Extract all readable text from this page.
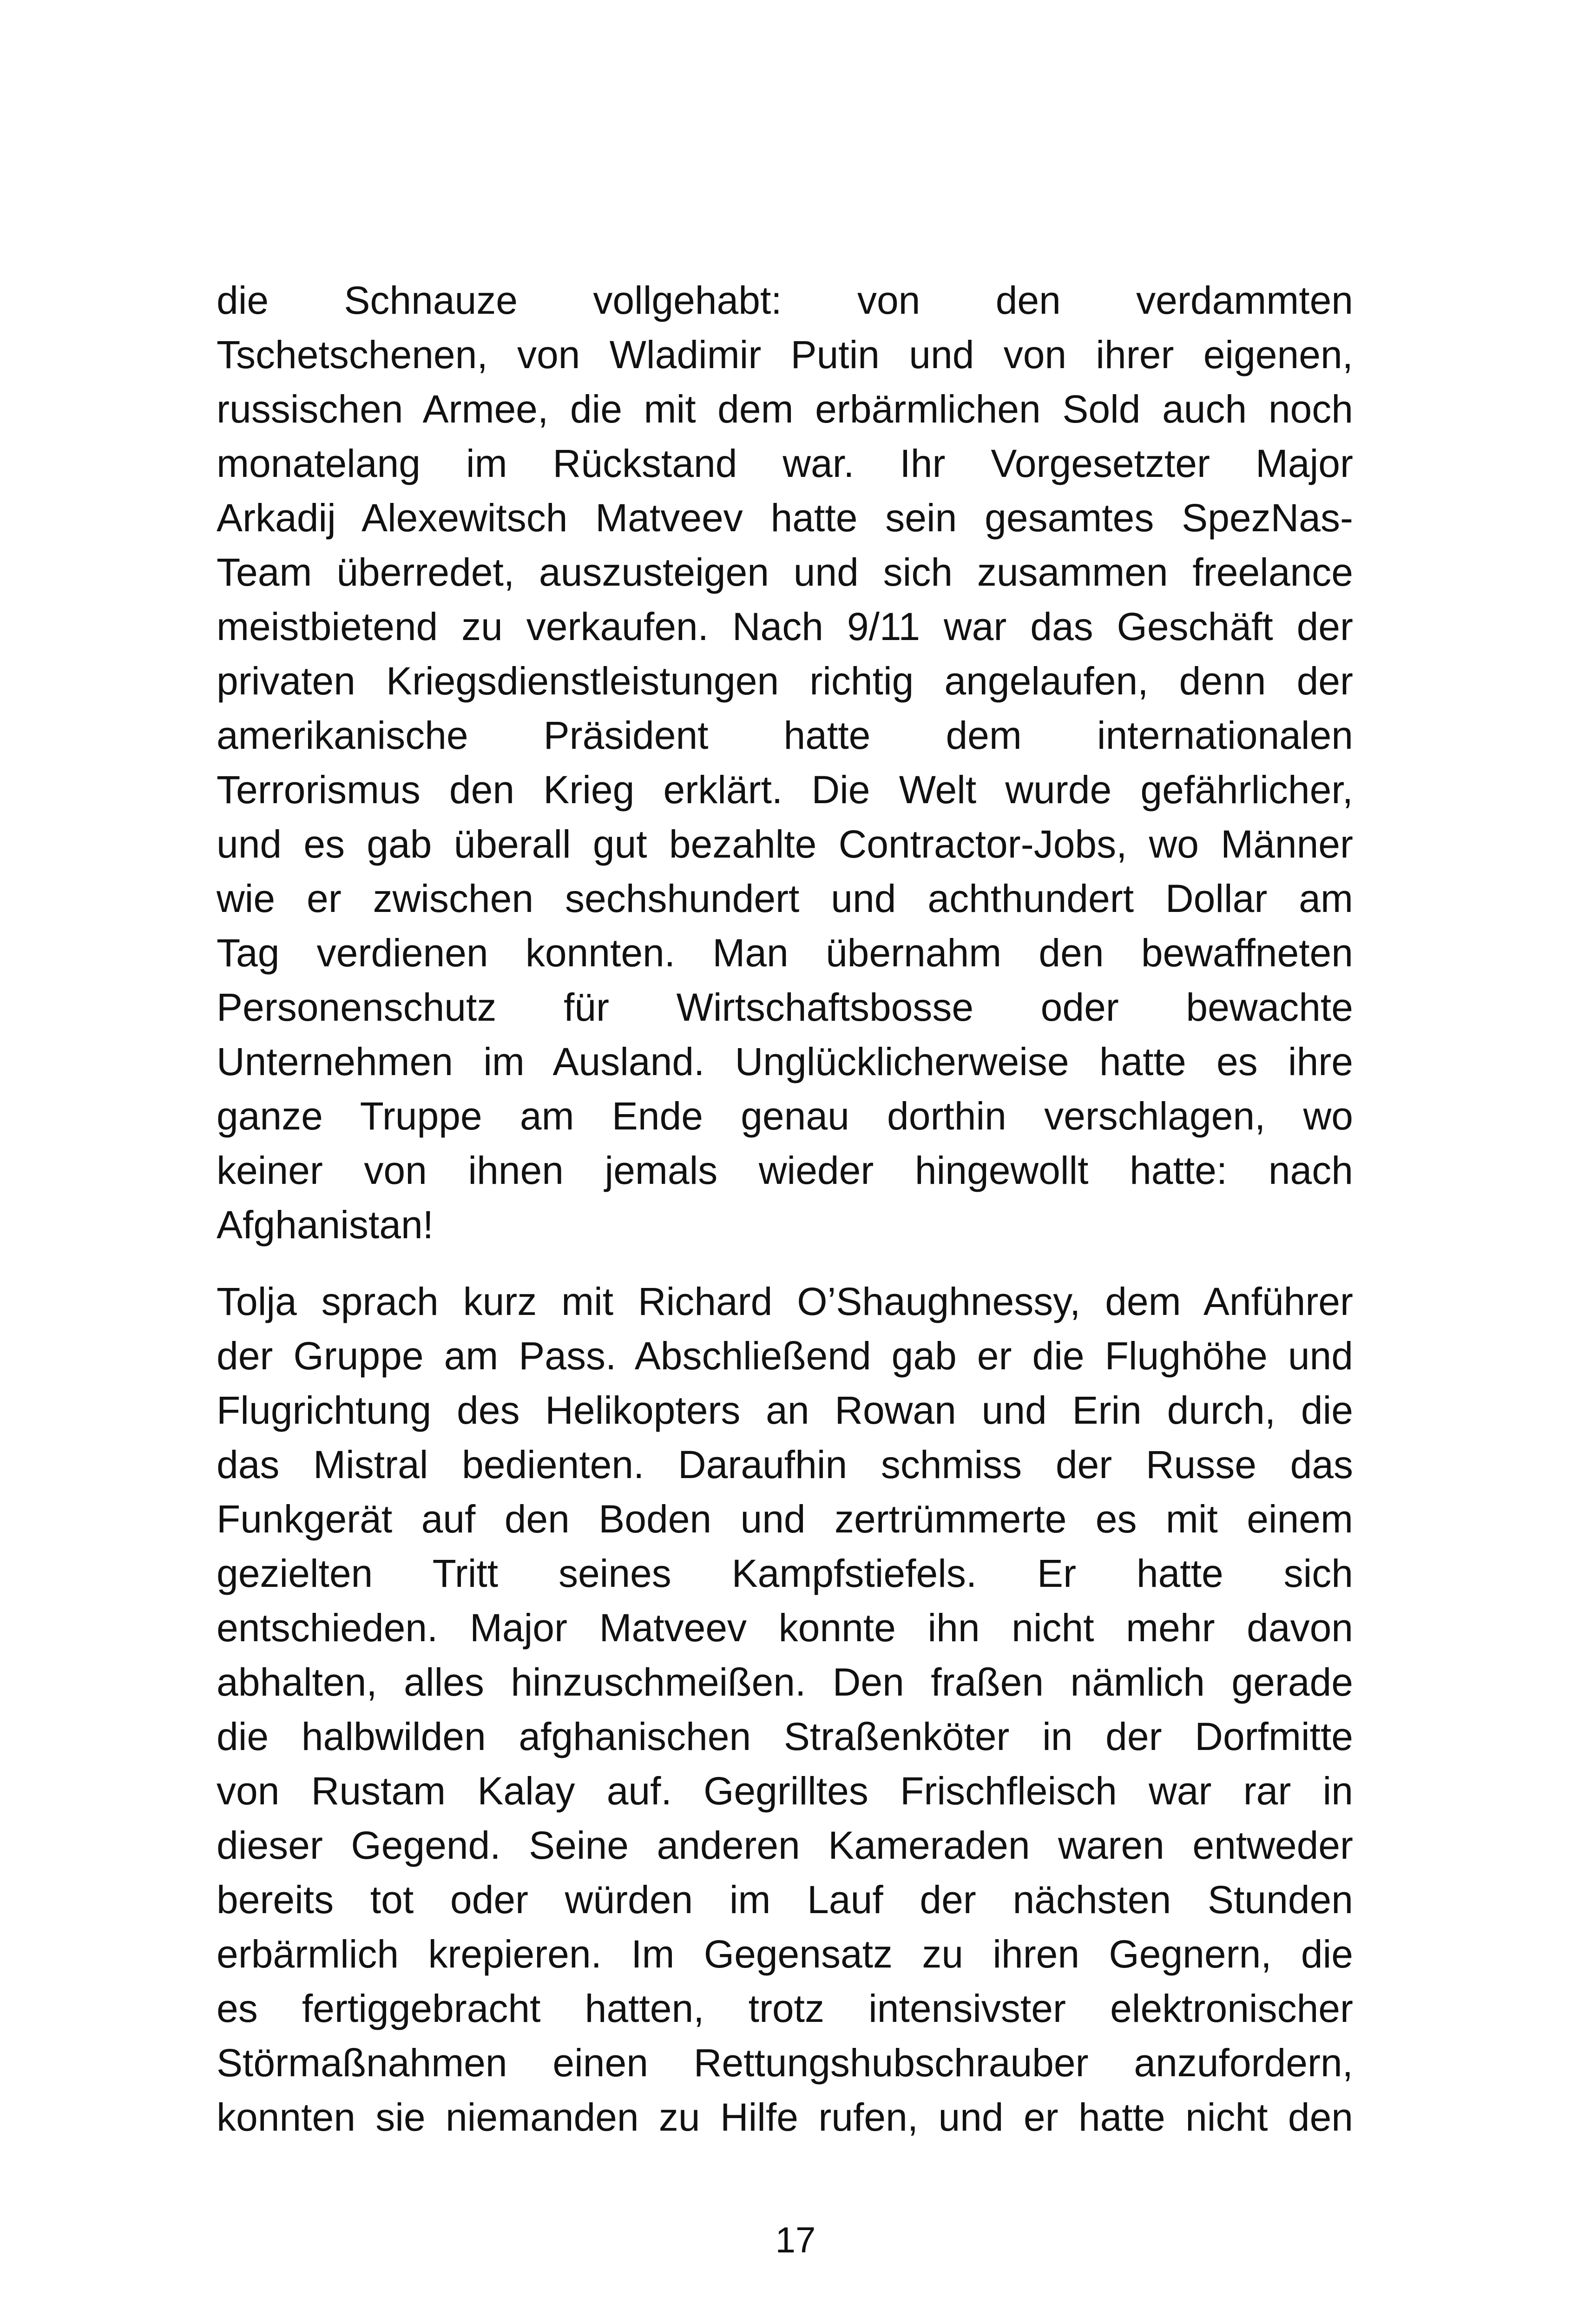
die Schnauze vollgehabt: von den verdammten
Tschetschenen, von Wladimir Putin und von ihrer eigenen,
russischen Armee, die mit dem erbärmlichen Sold auch noch
monatelang im Rückstand war. Ihr Vorgesetzter Major
Arkadij Alexewitsch Matveev hatte sein gesamtes SpezNas-
Team überredet, auszusteigen und sich zusammen freelance
meistbietend zu verkaufen. Nach 9/11 war das Geschäft der
privaten Kriegsdienstleistungen richtig angelaufen, denn der
amerikanische Präsident hatte dem internationalen
Terrorismus den Krieg erklärt. Die Welt wurde gefährlicher,
und es gab überall gut bezahlte Contractor-Jobs, wo Männer
wie er zwischen sechshundert und achthundert Dollar am
Tag verdienen konnten. Man übernahm den bewaffneten
Personenschutz für Wirtschaftsbosse oder bewachte
Unternehmen im Ausland. Unglücklicherweise hatte es ihre
ganze Truppe am Ende genau dorthin verschlagen, wo
keiner von ihnen jemals wieder hingewollt hatte: nach
Afghanistan!
Tolja sprach kurz mit Richard O’Shaughnessy, dem Anführer
der Gruppe am Pass. Abschließend gab er die Flughöhe und
Flugrichtung des Helikopters an Rowan und Erin durch, die
das Mistral bedienten. Daraufhin schmiss der Russe das
Funkgerät auf den Boden und zertrümmerte es mit einem
gezielten Tritt seines Kampfstiefels. Er hatte sich
entschieden. Major Matveev konnte ihn nicht mehr davon
abhalten, alles hinzuschmeißen. Den fraßen nämlich gerade
die halbwilden afghanischen Straßenköter in der Dorfmitte
von Rustam Kalay auf. Gegrilltes Frischfleisch war rar in
dieser Gegend. Seine anderen Kameraden waren entweder
bereits tot oder würden im Lauf der nächsten Stunden
erbärmlich krepieren. Im Gegensatz zu ihren Gegnern, die
es fertiggebracht hatten, trotz intensivster elektronischer
Störmaßnahmen einen Rettungshubschrauber anzufordern,
konnten sie niemanden zu Hilfe rufen, und er hatte nicht den
17
